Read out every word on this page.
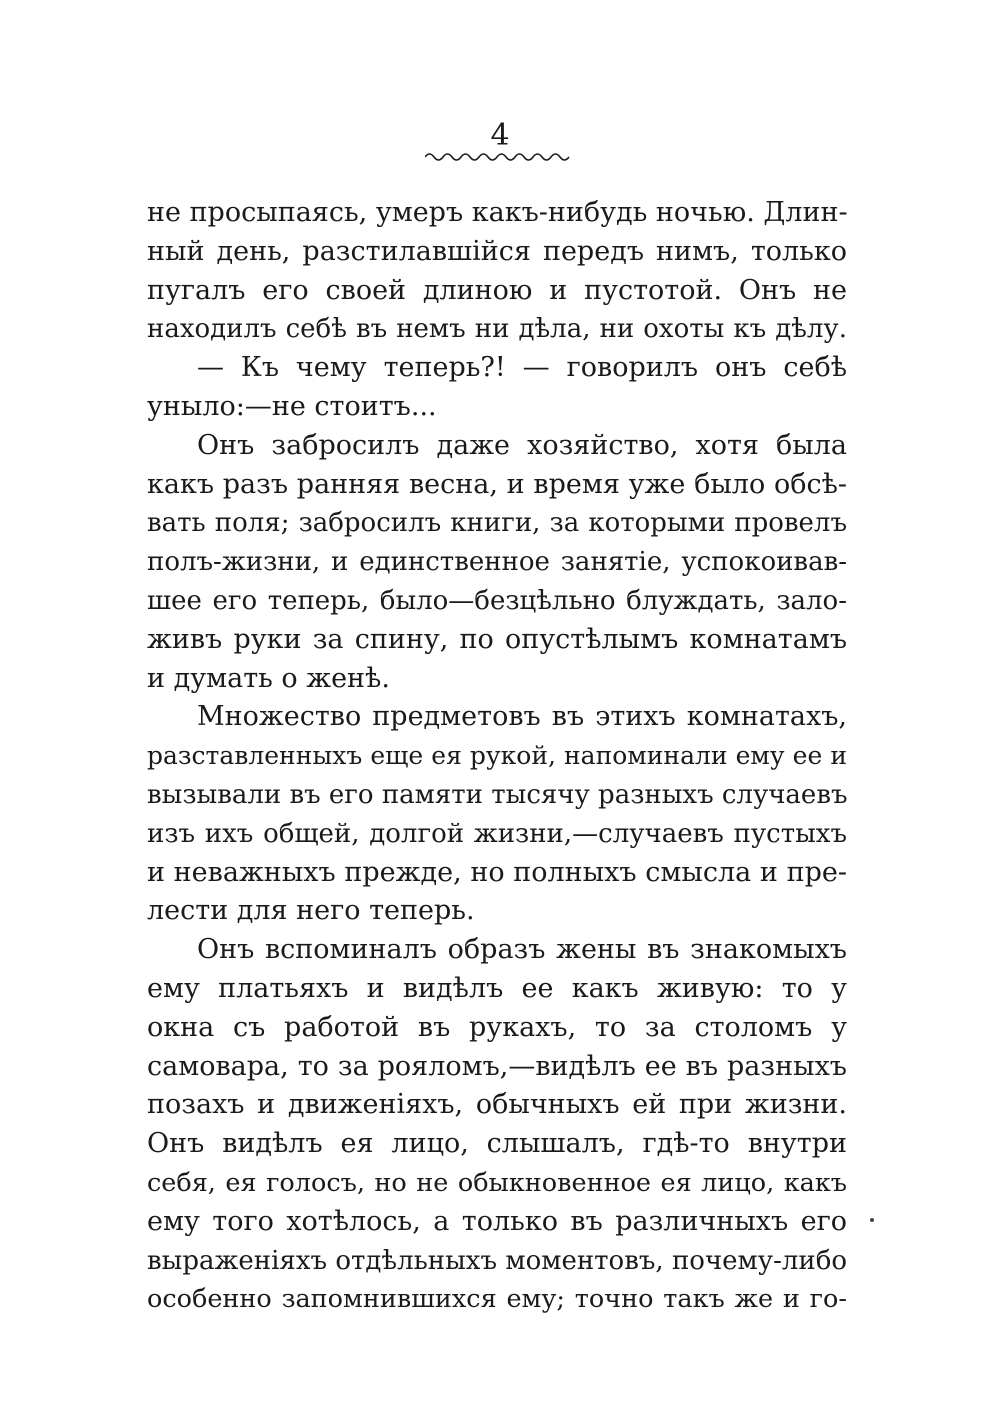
4
не просыпаясь, умеръ какъ-нибудь ночью. Длин-
ный день, разстилавшійся передъ нимъ, только
пугалъ его своей длиною и пустотой. Онъ не
находилъ себѣ въ немъ ни дѣла, ни охоты къ дѣлу.
— Къ чему теперь?! — говорилъ онъ себѣ
уныло:—не стоитъ...
Онъ забросилъ даже хозяйство, хотя была
какъ разъ ранняя весна, и время уже было обсѣ-
вать поля; забросилъ книги, за которыми провелъ
полъ-жизни, и единственное занятіе, успокоивав-
шее его теперь, было—безцѣльно блуждать, зало-
живъ руки за спину, по опустѣлымъ комнатамъ
и думать о женѣ.
Множество предметовъ въ этихъ комнатахъ,
разставленныхъ еще ея рукой, напоминали ему ее и
вызывали въ его памяти тысячу разныхъ случаевъ
изъ ихъ общей, долгой жизни,—случаевъ пустыхъ
и неважныхъ прежде, но полныхъ смысла и пре-
лести для него теперь.
Онъ вспоминалъ образъ жены въ знакомыхъ
ему платьяхъ и видѣлъ ее какъ живую: то у
окна съ работой въ рукахъ, то за столомъ у
самовара, то за рояломъ,—видѣлъ ее въ разныхъ
позахъ и движеніяхъ, обычныхъ ей при жизни.
Онъ видѣлъ ея лицо, слышалъ, гдѣ-то внутри
себя, ея голосъ, но не обыкновенное ея лицо, какъ
ему того хотѣлось, а только въ различныхъ его
выраженіяхъ отдѣльныхъ моментовъ, почему-либо
особенно запомнившихся ему; точно такъ же и го-
